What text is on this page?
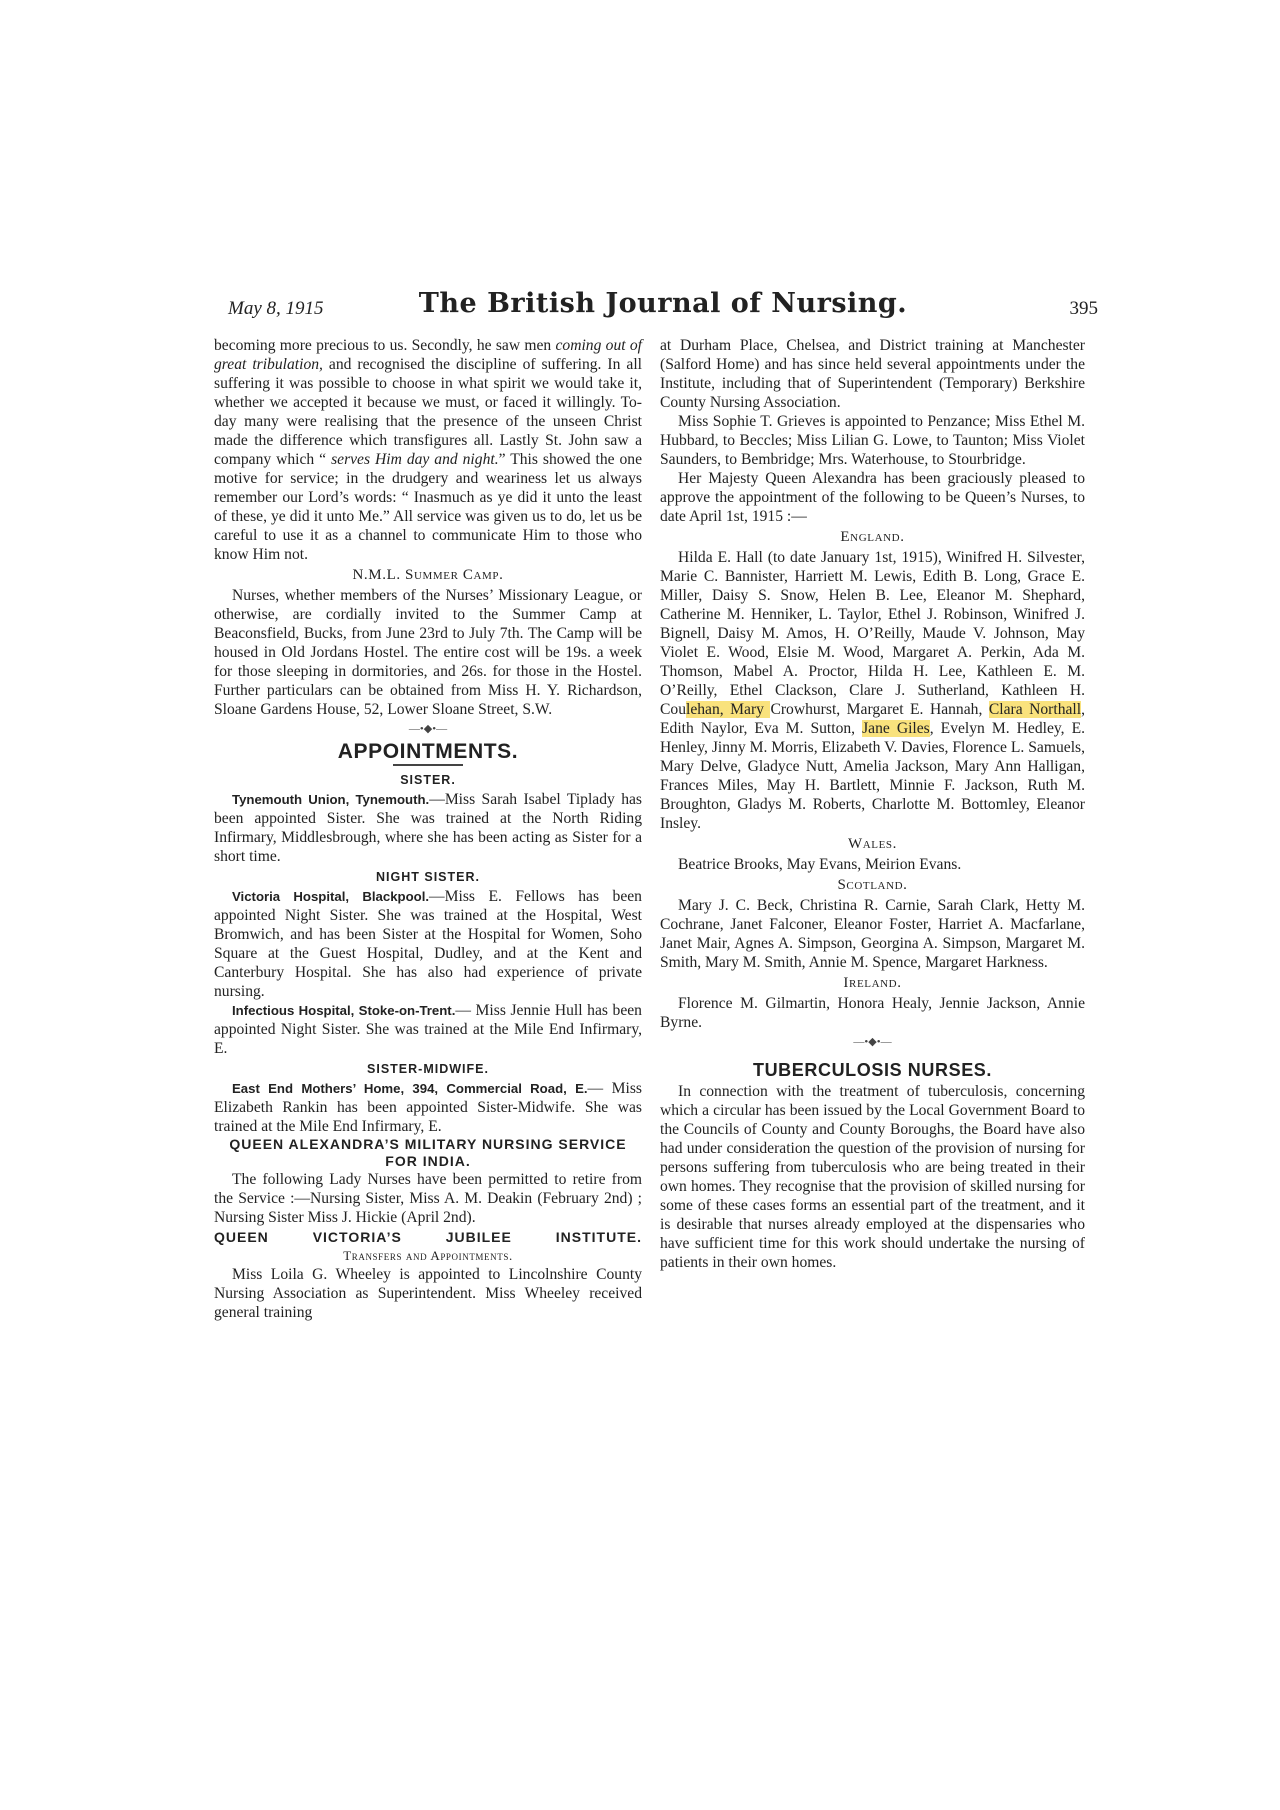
May 8, 1915	The British Journal of Nursing.	395

becoming more precious to us. Secondly, he saw men coming out of great tribulation, and recognised the discipline of suffering. In all suffering it was possible to choose in what spirit we would take it, whether we accepted it because we must, or faced it willingly. To-day many were realising that the presence of the unseen Christ made the difference which transfigures all. Lastly St. John saw a company which “ serves Him day and night.” This showed the one motive for service; in the drudgery and weariness let us always remember our Lord’s words: “ Inasmuch as ye did it unto the least of these, ye did it unto Me.” All service was given us to do, let us be careful to use it as a channel to communicate Him to those who know Him not.

N.M.L. Summer Camp.

Nurses, whether members of the Nurses’ Missionary League, or otherwise, are cordially invited to the Summer Camp at Beaconsfield, Bucks, from June 23rd to July 7th. The Camp will be housed in Old Jordans Hostel. The entire cost will be 19s. a week for those sleeping in dormitories, and 26s. for those in the Hostel. Further particulars can be obtained from Miss H. Y. Richardson, Sloane Gardens House, 52, Lower Sloane Street, S.W.

—•◆•—
APPOINTMENTS.
SISTER.

Tynemouth Union, Tynemouth.—Miss Sarah Isabel Tiplady has been appointed Sister. She was trained at the North Riding Infirmary, Middlesbrough, where she has been acting as Sister for a short time.

NIGHT SISTER.

Victoria Hospital, Blackpool.—Miss E. Fellows has been appointed Night Sister. She was trained at the Hospital, West Bromwich, and has been Sister at the Hospital for Women, Soho Square at the Guest Hospital, Dudley, and at the Kent and Canterbury Hospital. She has also had experience of private nursing.

Infectious Hospital, Stoke-on-Trent.— Miss Jennie Hull has been appointed Night Sister. She was trained at the Mile End Infirmary, E.

SISTER-MIDWIFE.

East End Mothers’ Home, 394, Commercial Road, E.— Miss Elizabeth Rankin has been appointed Sister-Midwife. She was trained at the Mile End Infirmary, E.

QUEEN ALEXANDRA’S MILITARY NURSING SERVICE FOR INDIA.

The following Lady Nurses have been permitted to retire from the Service :—Nursing Sister, Miss A. M. Deakin (February 2nd) ; Nursing Sister Miss J. Hickie (April 2nd).

QUEEN VICTORIA’S JUBILEE INSTITUTE.
Transfers and Appointments.

Miss Loila G. Wheeley is appointed to Lincolnshire County Nursing Association as Superintendent. Miss Wheeley received general training

at Durham Place, Chelsea, and District training at Manchester (Salford Home) and has since held several appointments under the Institute, including that of Superintendent (Temporary) Berkshire County Nursing Association.

Miss Sophie T. Grieves is appointed to Penzance; Miss Ethel M. Hubbard, to Beccles; Miss Lilian G. Lowe, to Taunton; Miss Violet Saunders, to Bembridge; Mrs. Waterhouse, to Stourbridge.

Her Majesty Queen Alexandra has been graciously pleased to approve the appointment of the following to be Queen’s Nurses, to date April 1st, 1915 :—

England.

Hilda E. Hall (to date January 1st, 1915), Winifred H. Silvester, Marie C. Bannister, Harriett M. Lewis, Edith B. Long, Grace E. Miller, Daisy S. Snow, Helen B. Lee, Eleanor M. Shephard, Catherine M. Henniker, L. Taylor, Ethel J. Robinson, Winifred J. Bignell, Daisy M. Amos, H. O’Reilly, Maude V. Johnson, May Violet E. Wood, Elsie M. Wood, Margaret A. Perkin, Ada M. Thomson, Mabel A. Proctor, Hilda H. Lee, Kathleen E. M. O’Reilly, Ethel Clackson, Clare J. Sutherland, Kathleen H. Coulehan, Mary Crowhurst, Margaret E. Hannah, Clara Northall, Edith Naylor, Eva M. Sutton, Jane Giles, Evelyn M. Hedley, E. Henley, Jinny M. Morris, Elizabeth V. Davies, Florence L. Samuels, Mary Delve, Gladyce Nutt, Amelia Jackson, Mary Ann Halligan, Frances Miles, May H. Bartlett, Minnie F. Jackson, Ruth M. Broughton, Gladys M. Roberts, Charlotte M. Bottomley, Eleanor Insley.

Wales.

Beatrice Brooks, May Evans, Meirion Evans.

Scotland.

Mary J. C. Beck, Christina R. Carnie, Sarah Clark, Hetty M. Cochrane, Janet Falconer, Eleanor Foster, Harriet A. Macfarlane, Janet Mair, Agnes A. Simpson, Georgina A. Simpson, Margaret M. Smith, Mary M. Smith, Annie M. Spence, Margaret Harkness.

Ireland.

Florence M. Gilmartin, Honora Healy, Jennie Jackson, Annie Byrne.

—•◆•—
TUBERCULOSIS NURSES.

In connection with the treatment of tuberculosis, concerning which a circular has been issued by the Local Government Board to the Councils of County and County Boroughs, the Board have also had under consideration the question of the provision of nursing for persons suffering from tuberculosis who are being treated in their own homes. They recognise that the provision of skilled nursing for some of these cases forms an essential part of the treatment, and it is desirable that nurses already employed at the dispensaries who have sufficient time for this work should undertake the nursing of patients in their own homes.
